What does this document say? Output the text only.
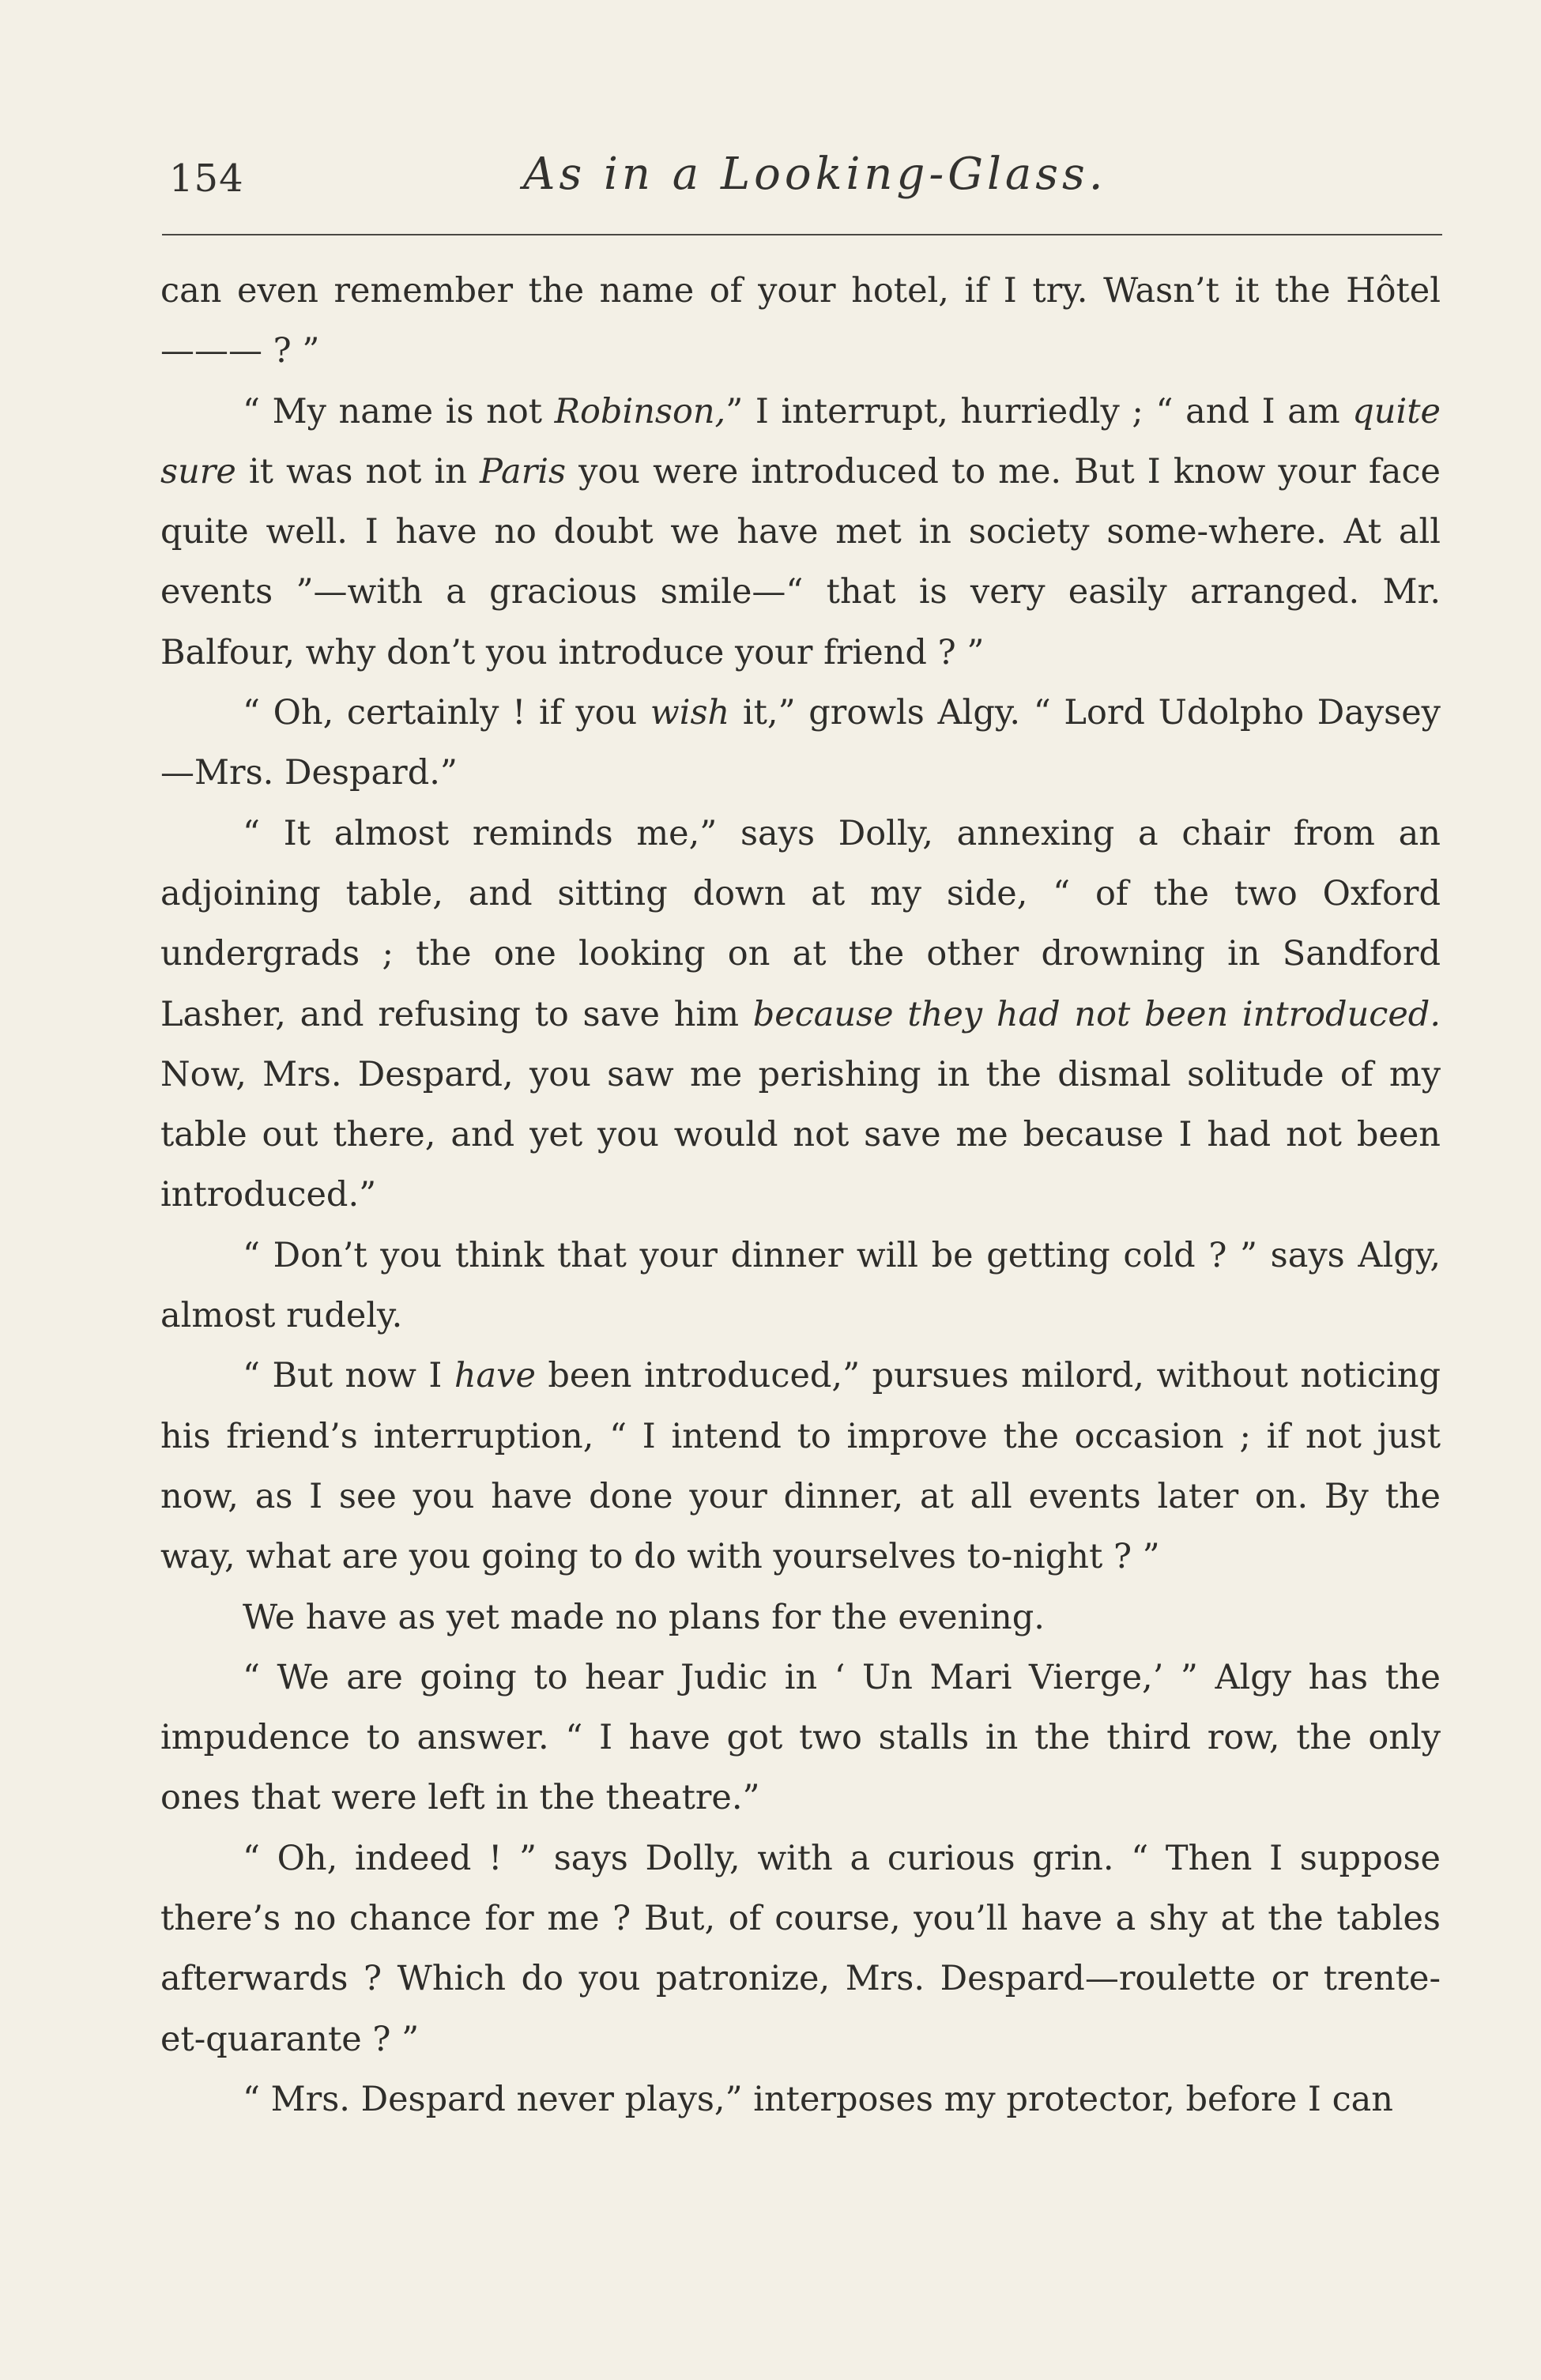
154	As in a Looking-Glass.

can even remember the name of your hotel, if I try. Wasn’t it the Hôtel——— ? ”

“ My name is not Robinson,” I interrupt, hurriedly ; “ and I am quite sure it was not in Paris you were introduced to me. But I know your face quite well. I have no doubt we have met in society some-where. At all events ”—with a gracious smile—“ that is very easily arranged. Mr. Balfour, why don’t you introduce your friend ? ”

“ Oh, certainly ! if you wish it,” growls Algy. “ Lord Udolpho Daysey—Mrs. Despard.”

“ It almost reminds me,” says Dolly, annexing a chair from an adjoining table, and sitting down at my side, “ of the two Oxford undergrads ; the one looking on at the other drowning in Sandford Lasher, and refusing to save him because they had not been introduced. Now, Mrs. Despard, you saw me perishing in the dismal solitude of my table out there, and yet you would not save me because I had not been introduced.”

“ Don’t you think that your dinner will be getting cold ? ” says Algy, almost rudely.

“ But now I have been introduced,” pursues milord, without noticing his friend’s interruption, “ I intend to improve the occasion ; if not just now, as I see you have done your dinner, at all events later on. By the way, what are you going to do with yourselves to-night ? ”

We have as yet made no plans for the evening.

“ We are going to hear Judic in ‘ Un Mari Vierge,’ ” Algy has the impudence to answer. “ I have got two stalls in the third row, the only ones that were left in the theatre.”

“ Oh, indeed ! ” says Dolly, with a curious grin. “ Then I suppose there’s no chance for me ? But, of course, you’ll have a shy at the tables afterwards ? Which do you patronize, Mrs. Despard—roulette or trente-et-quarante ? ”

“ Mrs. Despard never plays,” interposes my protector, before I can
